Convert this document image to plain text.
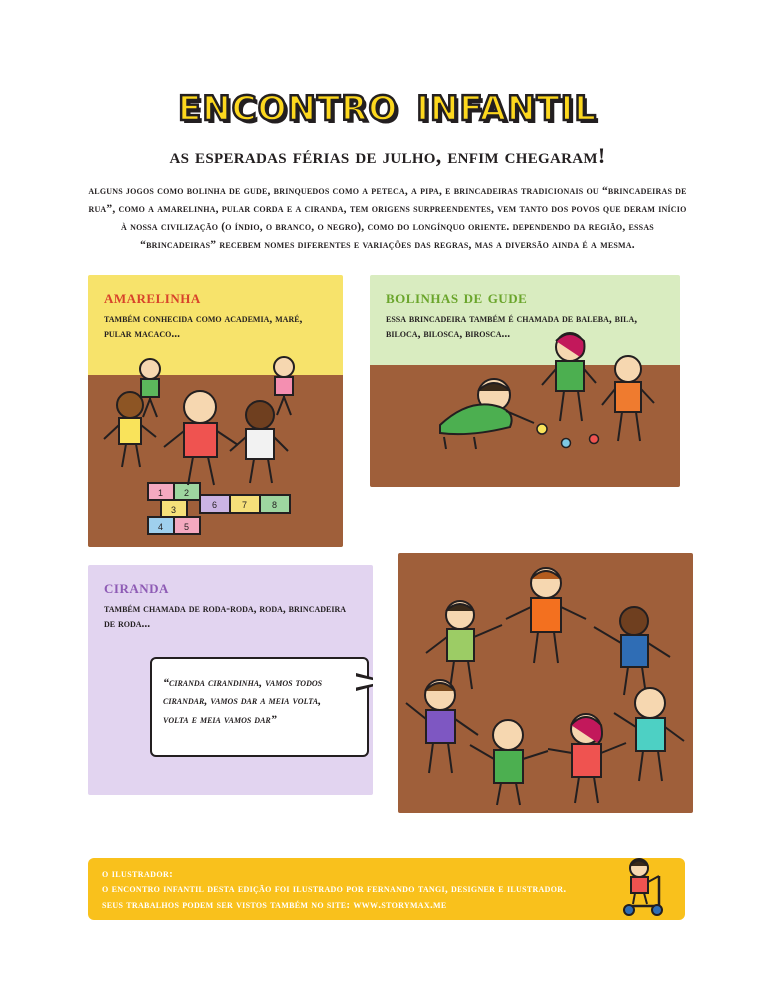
encontro infantil
as esperadas férias de julho, enfim chegaram!

alguns jogos como bolinha de gude, brinquedos como a peteca, a pipa, e brincadeiras tradicionais ou “brincadeiras de rua”, como a amarelinha, pular corda e a ciranda, tem origens surpreendentes, vem tanto dos povos que deram início à nossa civilização (o índio, o branco, o negro), como do longínquo oriente. dependendo da região, essas “brincadeiras” recebem nomes diferentes e variações das regras, mas a diversão ainda é a mesma.

amarelinha

também conhecida como academia, maré, pular macaco...

1 2
3
4 5
6	7	8
bolinhas de gude

essa brincadeira também é chamada de baleba, bila, biloca, bilosca, birosca...

ciranda

também chamada de roda-roda, roda, brincadeira de roda...

“ciranda cirandinha, vamos todos cirandar, vamos dar a meia volta, volta e meia vamos dar”

o ilustrador:

o encontro infantil desta edição foi ilustrado por fernando tangi, designer e ilustrador.

seus trabalhos podem ser vistos também no site: www.storymax.me
